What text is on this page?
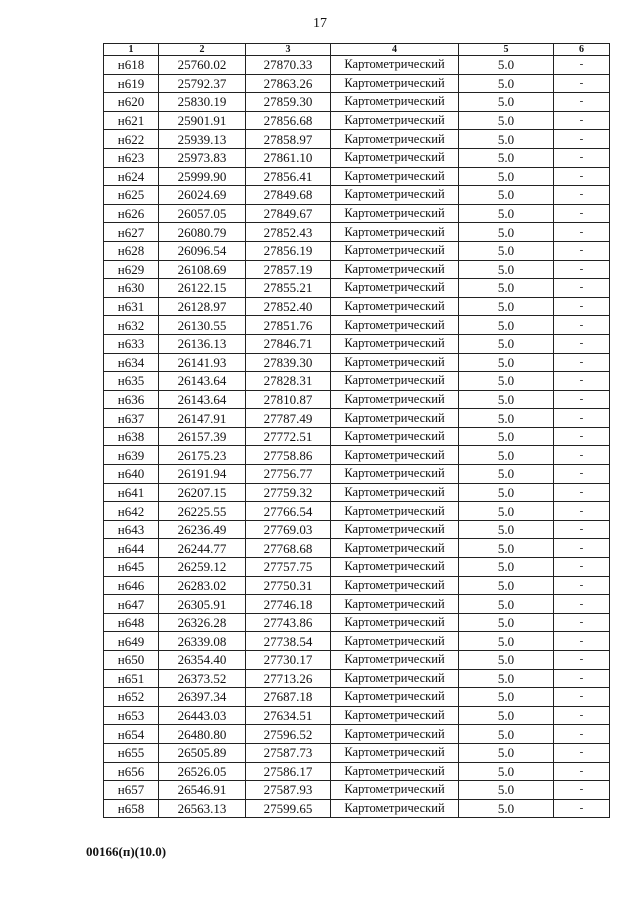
17
1	2	3	4	5	6
н618	25760.02	27870.33	Картометрический	5.0	-
н619	25792.37	27863.26	Картометрический	5.0	-
н620	25830.19	27859.30	Картометрический	5.0	-
н621	25901.91	27856.68	Картометрический	5.0	-
н622	25939.13	27858.97	Картометрический	5.0	-
н623	25973.83	27861.10	Картометрический	5.0	-
н624	25999.90	27856.41	Картометрический	5.0	-
н625	26024.69	27849.68	Картометрический	5.0	-
н626	26057.05	27849.67	Картометрический	5.0	-
н627	26080.79	27852.43	Картометрический	5.0	-
н628	26096.54	27856.19	Картометрический	5.0	-
н629	26108.69	27857.19	Картометрический	5.0	-
н630	26122.15	27855.21	Картометрический	5.0	-
н631	26128.97	27852.40	Картометрический	5.0	-
н632	26130.55	27851.76	Картометрический	5.0	-
н633	26136.13	27846.71	Картометрический	5.0	-
н634	26141.93	27839.30	Картометрический	5.0	-
н635	26143.64	27828.31	Картометрический	5.0	-
н636	26143.64	27810.87	Картометрический	5.0	-
н637	26147.91	27787.49	Картометрический	5.0	-
н638	26157.39	27772.51	Картометрический	5.0	-
н639	26175.23	27758.86	Картометрический	5.0	-
н640	26191.94	27756.77	Картометрический	5.0	-
н641	26207.15	27759.32	Картометрический	5.0	-
н642	26225.55	27766.54	Картометрический	5.0	-
н643	26236.49	27769.03	Картометрический	5.0	-
н644	26244.77	27768.68	Картометрический	5.0	-
н645	26259.12	27757.75	Картометрический	5.0	-
н646	26283.02	27750.31	Картометрический	5.0	-
н647	26305.91	27746.18	Картометрический	5.0	-
н648	26326.28	27743.86	Картометрический	5.0	-
н649	26339.08	27738.54	Картометрический	5.0	-
н650	26354.40	27730.17	Картометрический	5.0	-
н651	26373.52	27713.26	Картометрический	5.0	-
н652	26397.34	27687.18	Картометрический	5.0	-
н653	26443.03	27634.51	Картометрический	5.0	-
н654	26480.80	27596.52	Картометрический	5.0	-
н655	26505.89	27587.73	Картометрический	5.0	-
н656	26526.05	27586.17	Картометрический	5.0	-
н657	26546.91	27587.93	Картометрический	5.0	-
н658	26563.13	27599.65	Картометрический	5.0	-
00166(п)(10.0)
